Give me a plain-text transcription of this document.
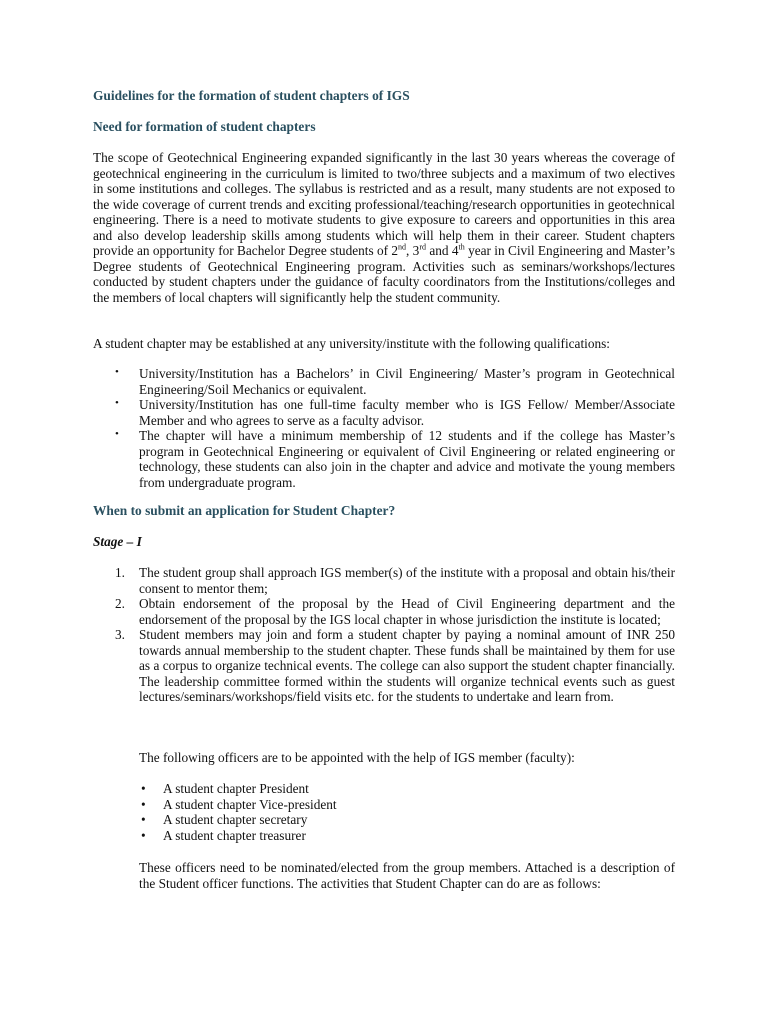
Guidelines for the formation of student chapters of IGS
Need for formation of student chapters

The scope of Geotechnical Engineering expanded significantly in the last 30 years whereas the coverage of geotechnical engineering in the curriculum is limited to two/three subjects and a maximum of two electives in some institutions and colleges. The syllabus is restricted and as a result, many students are not exposed to the wide coverage of current trends and exciting professional/teaching/research opportunities in geotechnical engineering. There is a need to motivate students to give exposure to careers and opportunities in this area and also develop leadership skills among students which will help them in their career. Student chapters provide an opportunity for Bachelor Degree students of 2nd, 3rd and 4th year in Civil Engineering and Master’s Degree students of Geotechnical Engineering program. Activities such as seminars/workshops/lectures conducted by student chapters under the guidance of faculty coordinators from the Institutions/colleges and the members of local chapters will significantly help the student community.

A student chapter may be established at any university/institute with the following qualifications:

• University/Institution has a Bachelors’ in Civil Engineering/ Master’s program in Geotechnical Engineering/Soil Mechanics or equivalent.
• University/Institution has one full-time faculty member who is IGS Fellow/ Member/Associate Member and who agrees to serve as a faculty advisor.
• The chapter will have a minimum membership of 12 students and if the college has Master’s program in Geotechnical Engineering or equivalent of Civil Engineering or related engineering or technology, these students can also join in the chapter and advice and motivate the young members from undergraduate program.
When to submit an application for Student Chapter?
Stage – I
1. The student group shall approach IGS member(s) of the institute with a proposal and obtain his/their consent to mentor them;
2. Obtain endorsement of the proposal by the Head of Civil Engineering department and the endorsement of the proposal by the IGS local chapter in whose jurisdiction the institute is located;
3. Student members may join and form a student chapter by paying a nominal amount of INR 250 towards annual membership to the student chapter. These funds shall be maintained by them for use as a corpus to organize technical events. The college can also support the student chapter financially. The leadership committee formed within the students will organize technical events such as guest lectures/seminars/workshops/field visits etc. for the students to undertake and learn from.

The following officers are to be appointed with the help of IGS member (faculty):

• A student chapter President
• A student chapter Vice-president
• A student chapter secretary
• A student chapter treasurer

These officers need to be nominated/elected from the group members. Attached is a description of the Student officer functions. The activities that Student Chapter can do are as follows:
